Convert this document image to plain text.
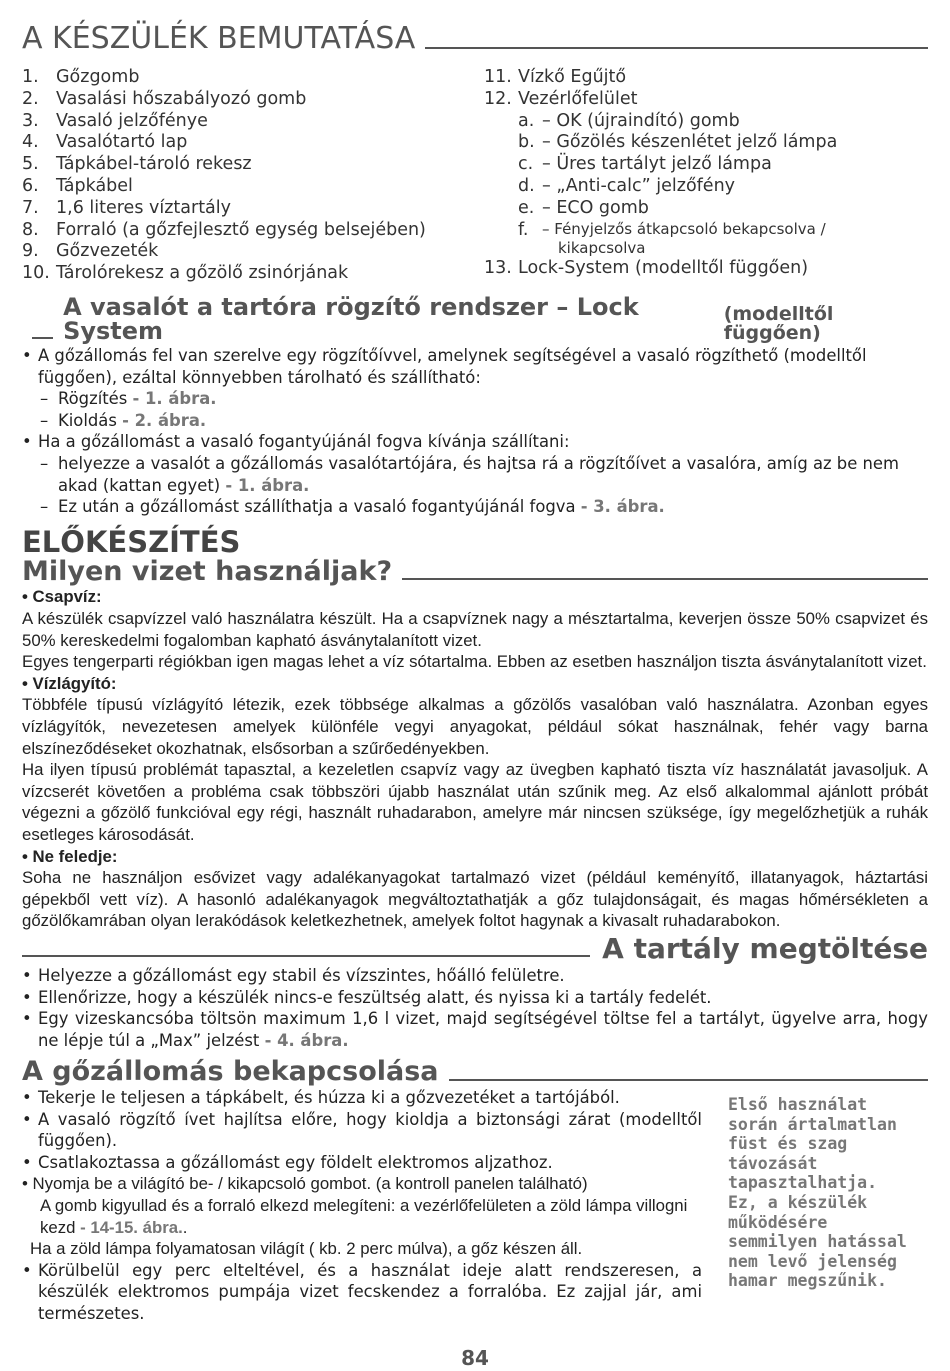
A KÉSZÜLÉK BEMUTATÁSA
1. Gőzgomb
2. Vasalási hőszabályozó gomb
3. Vasaló jelzőfénye
4. Vasalótartó lap
5. Tápkábel-tároló rekesz
6. Tápkábel
7. 1,6 literes víztartály
8. Forraló (a gőzfejlesztő egység belsejében)
9. Gőzvezeték
10. Tárolórekesz a gőzölő zsinórjának
11. Vízkő Egűjtő
12. Vezérlőfelület
a. – OK (újraindító) gomb
b. – Gőzölés készenlétet jelző lámpa
c. – Üres tartályt jelző lámpa
d. – „Anti-calc” jelzőfény
e. – ECO gomb
f. – Fényjelzős átkapcsoló bekapcsolva /
kikapcsolva
13. Lock-System (modelltől függően)
A vasalót a tartóra rögzítő rendszer – Lock System
(modelltől függően)
• A gőzállomás fel van szerelve egy rögzítőívvel, amelynek segítségével a vasaló rögzíthető (modelltől függően), ezáltal könnyebben tárolható és szállítható:
– Rögzítés - 1. ábra.
– Kioldás - 2. ábra.
• Ha a gőzállomást a vasaló fogantyújánál fogva kívánja szállítani:
– helyezze a vasalót a gőzállomás vasalótartójára, és hajtsa rá a rögzítőívet a vasalóra, amíg az be nem akad (kattan egyet) - 1. ábra.
– Ez után a gőzállomást szállíthatja a vasaló fogantyújánál fogva - 3. ábra.
ELŐKÉSZÍTÉS
Milyen vizet használjak?
• Csapvíz:
A készülék csapvízzel való használatra készült. Ha a csapvíznek nagy a mésztartalma, keverjen össze 50% csapvizet és 50% kereskedelmi fogalomban kapható ásványtalanított vizet.
Egyes tengerparti régiókban igen magas lehet a víz sótartalma. Ebben az esetben használjon tiszta ásványtalanított vizet.
• Vízlágyító:
Többféle típusú vízlágyító létezik, ezek többsége alkalmas a gőzölős vasalóban való használatra. Azonban egyes vízlágyítók, nevezetesen amelyek különféle vegyi anyagokat, például sókat használnak, fehér vagy barna elszíneződéseket okozhatnak, elsősorban a szűrőedényekben.
Ha ilyen típusú problémát tapasztal, a kezeletlen csapvíz vagy az üvegben kapható tiszta víz használatát javasoljuk. A vízcserét követően a probléma csak többszöri újabb használat után szűnik meg. Az első alkalommal ajánlott próbát végezni a gőzölő funkcióval egy régi, használt ruhadarabon, amelyre már nincsen szüksége, így megelőzhetjük a ruhák esetleges károsodását.
• Ne feledje:
Soha ne használjon esővizet vagy adalékanyagokat tartalmazó vizet (például keményítő, illatanyagok, háztartási gépekből vett víz). A hasonló adalékanyagok megváltoztathatják a gőz tulajdonságait, és magas hőmérsékleten a gőzölőkamrában olyan lerakódások keletkezhetnek, amelyek foltot hagynak a kivasalt ruhadarabokon.
A tartály megtöltése
• Helyezze a gőzállomást egy stabil és vízszintes, hőálló felületre.
• Ellenőrizze, hogy a készülék nincs-e feszültség alatt, és nyissa ki a tartály fedelét.
• Egy vizeskancsóba töltsön maximum 1,6 l vizet, majd segítségével töltse fel a tartályt, ügyelve arra, hogy ne lépje túl a „Max” jelzést - 4. ábra.
A gőzállomás bekapcsolása
• Tekerje le teljesen a tápkábelt, és húzza ki a gőzvezetéket a tartójából.
• A vasaló rögzítő ívet hajlítsa előre, hogy kioldja a biztonsági zárat (modelltől függően).
• Csatlakoztassa a gőzállomást egy földelt elektromos aljzathoz.
• Nyomja be a világító be- / kikapcsoló gombot. (a kontroll panelen található)
A gomb kigyullad és a forraló elkezd melegíteni: a vezérlőfelületen a zöld lámpa villogni kezd - 14-15. ábra..
Ha a zöld lámpa folyamatosan világít ( kb. 2 perc múlva), a gőz készen áll.
• Körülbelül egy perc elteltével, és a használat ideje alatt rendszeresen, a készülék elektromos pumpája vizet fecskendez a forralóba. Ez zajjal jár, ami természetes.
Első használat során ártalmatlan füst és szag távozását tapasztalhatja. Ez, a készülék működésére semmilyen hatással nem levő jelenség hamar megszűnik.
84
